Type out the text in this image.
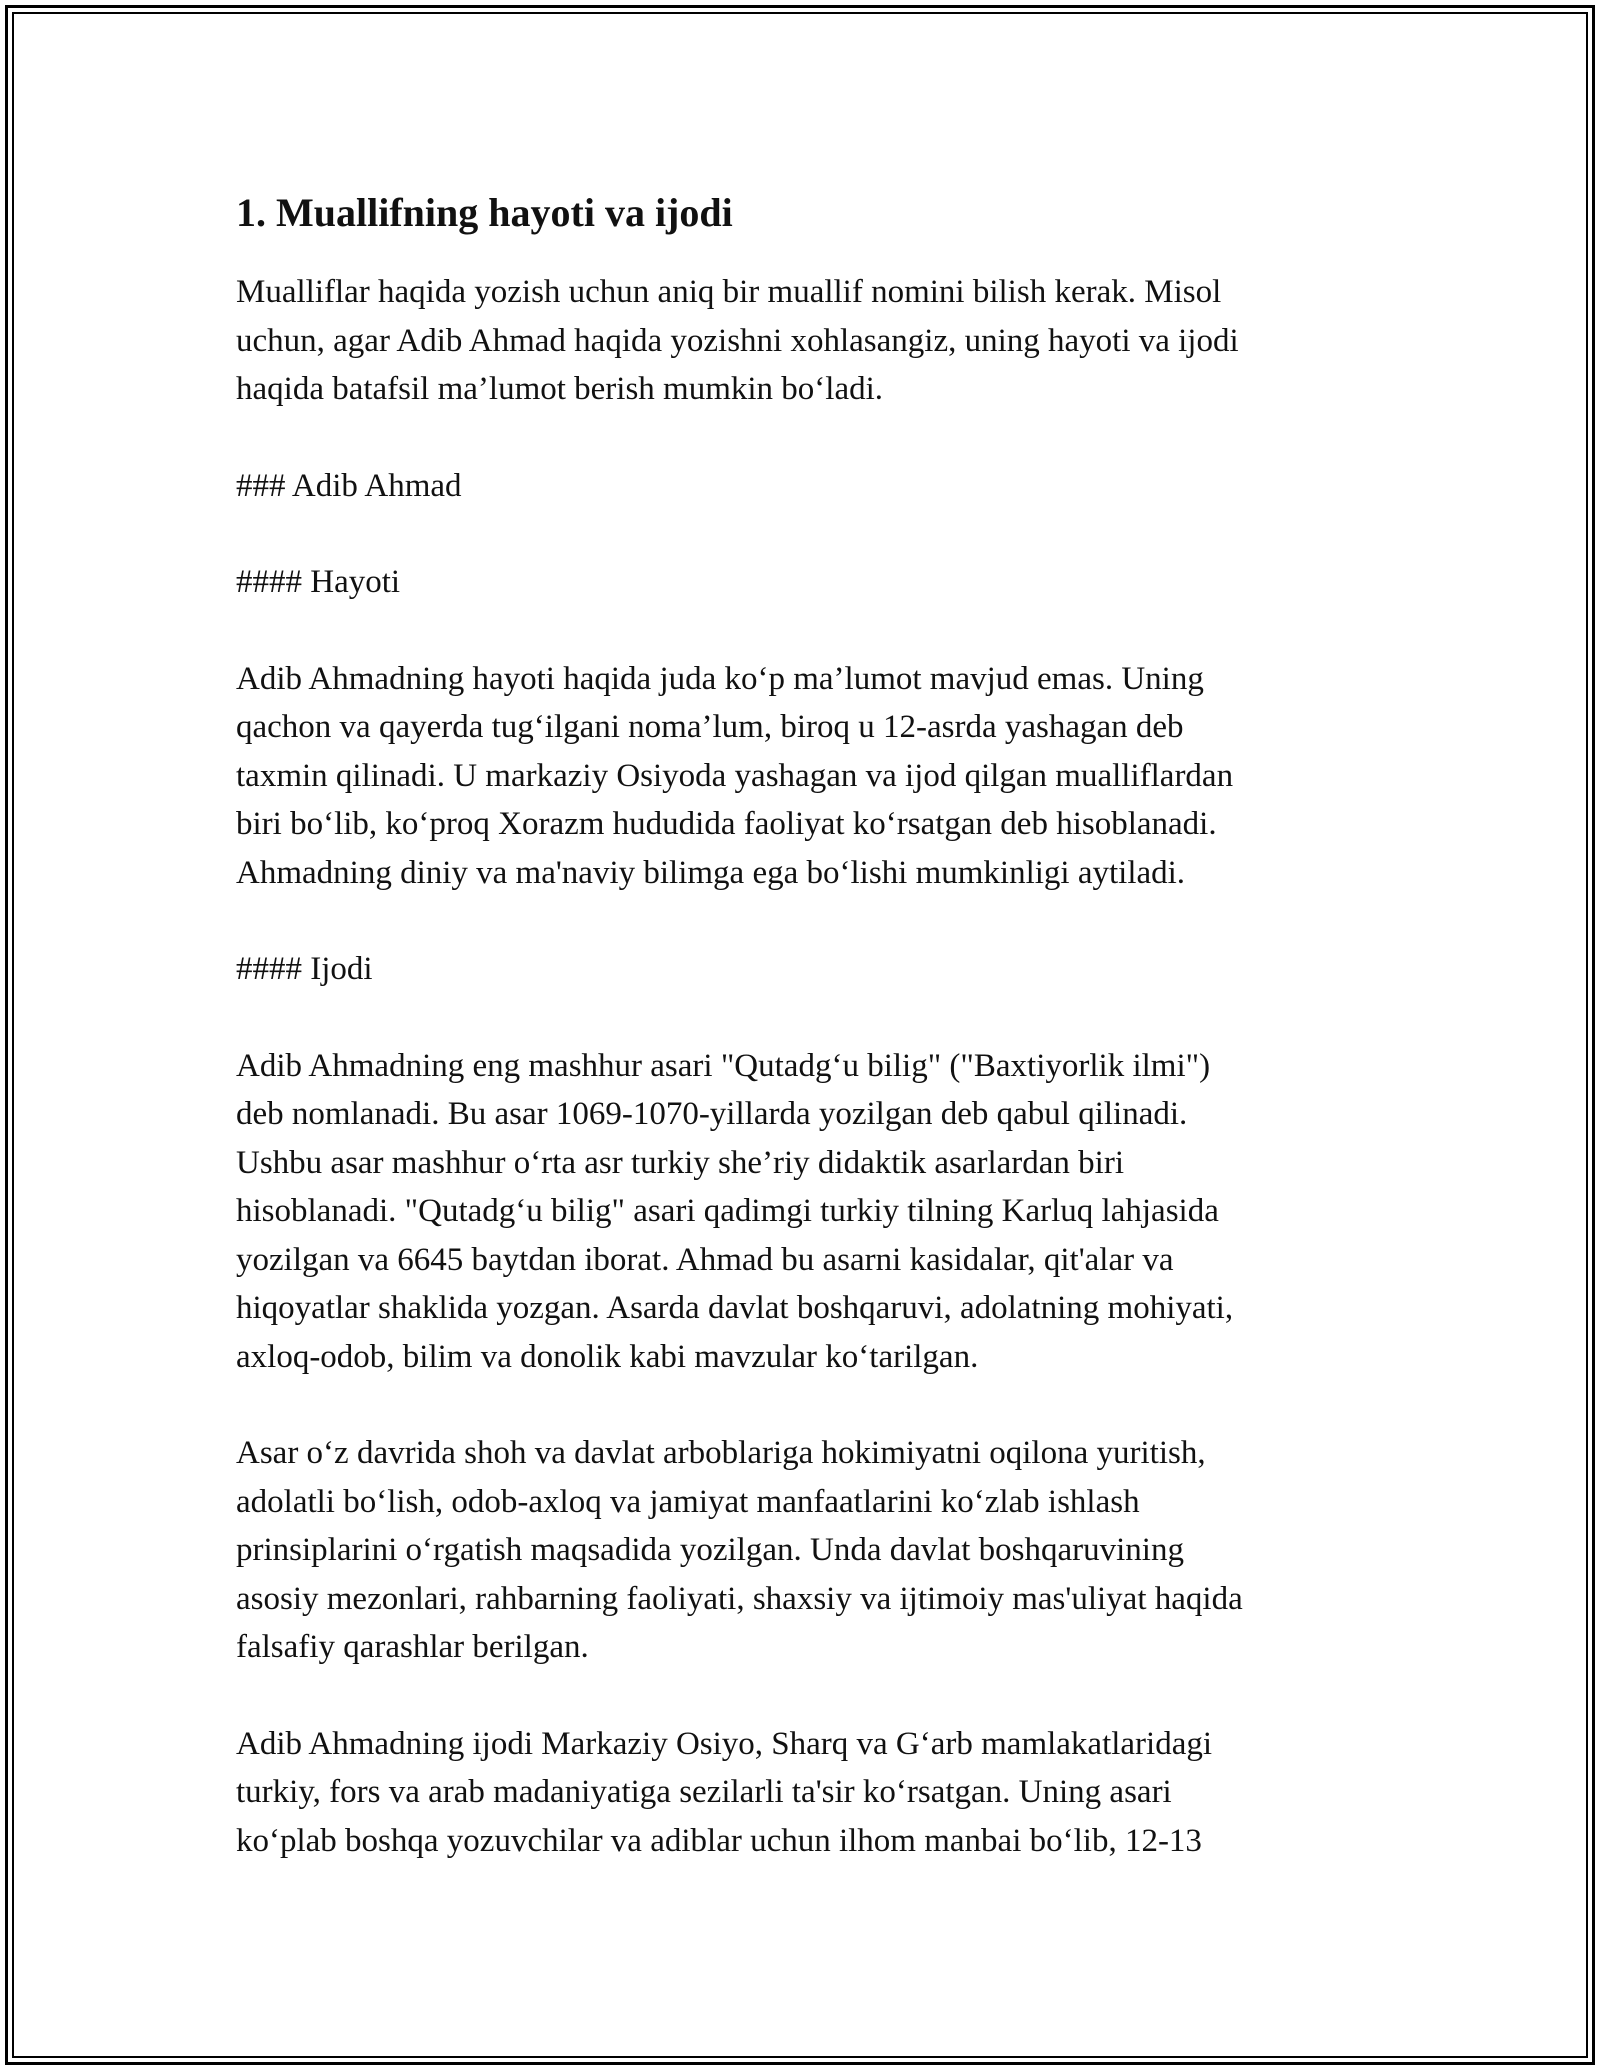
1. Muallifning hayoti va ijodi
Mualliflar haqida yozish uchun aniq bir muallif nomini bilish kerak. Misol
uchun, agar Adib Ahmad haqida yozishni xohlasangiz, uning hayoti va ijodi
haqida batafsil ma’lumot berish mumkin bo‘ladi.
### Adib Ahmad
#### Hayoti
Adib Ahmadning hayoti haqida juda ko‘p ma’lumot mavjud emas. Uning
qachon va qayerda tug‘ilgani noma’lum, biroq u 12-asrda yashagan deb
taxmin qilinadi. U markaziy Osiyoda yashagan va ijod qilgan mualliflardan
biri bo‘lib, ko‘proq Xorazm hududida faoliyat ko‘rsatgan deb hisoblanadi.
Ahmadning diniy va ma'naviy bilimga ega bo‘lishi mumkinligi aytiladi.
#### Ijodi
Adib Ahmadning eng mashhur asari "Qutadg‘u bilig" ("Baxtiyorlik ilmi")
deb nomlanadi. Bu asar 1069-1070-yillarda yozilgan deb qabul qilinadi.
Ushbu asar mashhur o‘rta asr turkiy she’riy didaktik asarlardan biri
hisoblanadi. "Qutadg‘u bilig" asari qadimgi turkiy tilning Karluq lahjasida
yozilgan va 6645 baytdan iborat. Ahmad bu asarni kasidalar, qit'alar va
hiqoyatlar shaklida yozgan. Asarda davlat boshqaruvi, adolatning mohiyati,
axloq-odob, bilim va donolik kabi mavzular ko‘tarilgan.
Asar o‘z davrida shoh va davlat arboblariga hokimiyatni oqilona yuritish,
adolatli bo‘lish, odob-axloq va jamiyat manfaatlarini ko‘zlab ishlash
prinsiplarini o‘rgatish maqsadida yozilgan. Unda davlat boshqaruvining
asosiy mezonlari, rahbarning faoliyati, shaxsiy va ijtimoiy mas'uliyat haqida
falsafiy qarashlar berilgan.
Adib Ahmadning ijodi Markaziy Osiyo, Sharq va G‘arb mamlakatlaridagi
turkiy, fors va arab madaniyatiga sezilarli ta'sir ko‘rsatgan. Uning asari
ko‘plab boshqa yozuvchilar va adiblar uchun ilhom manbai bo‘lib, 12-13
